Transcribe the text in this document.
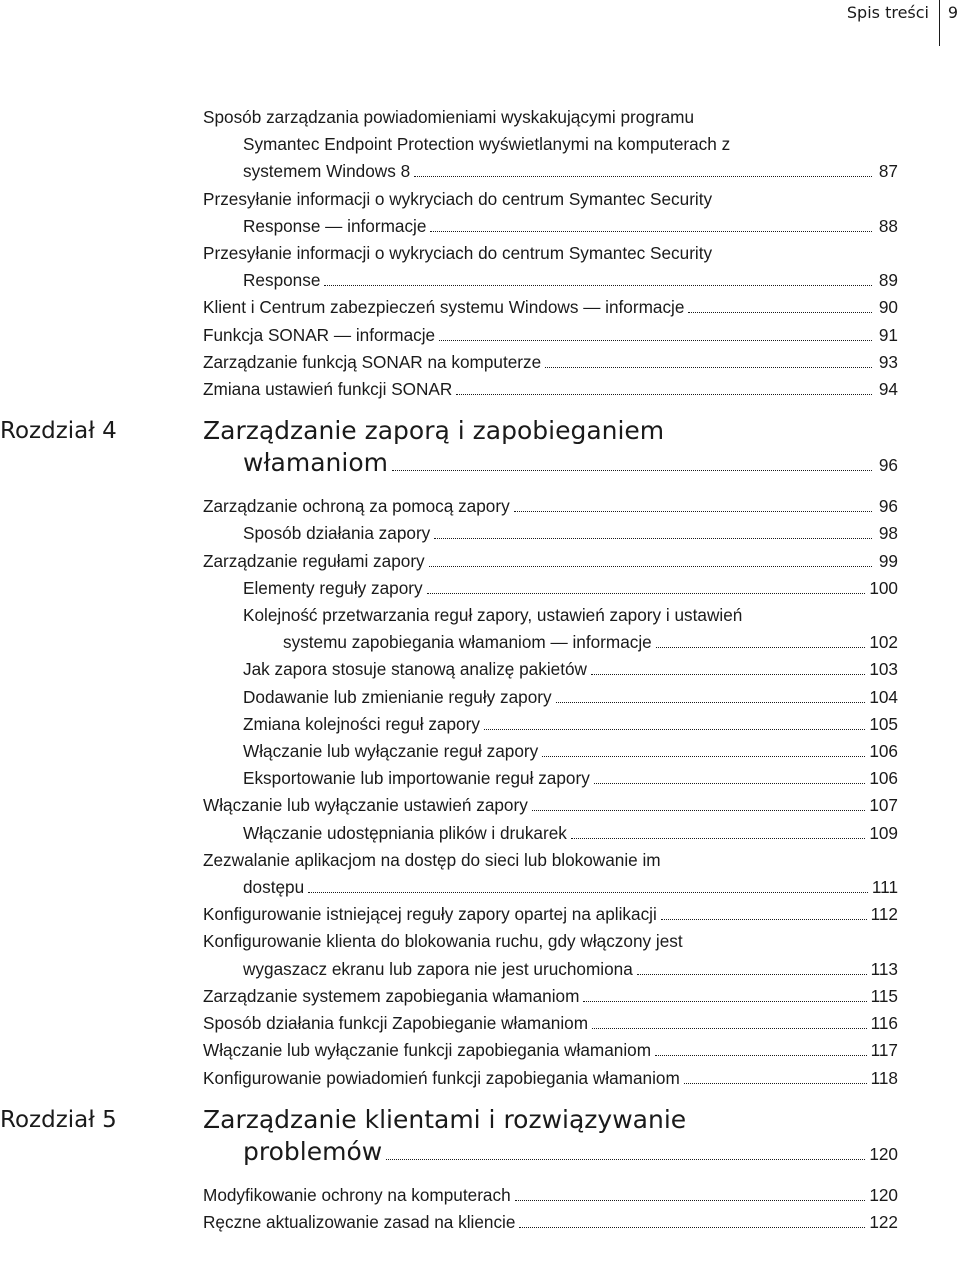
Spis treści 9
Sposób zarządzania powiadomieniami wyskakującymi programu
Symantec Endpoint Protection wyświetlanymi na komputerach z
systemem Windows 8	87
Przesyłanie informacji o wykryciach do centrum Symantec Security
Response — informacje	88
Przesyłanie informacji o wykryciach do centrum Symantec Security
Response	89
Klient i Centrum zabezpieczeń systemu Windows — informacje	90
Funkcja SONAR — informacje	91
Zarządzanie funkcją SONAR na komputerze	93
Zmiana ustawień funkcji SONAR	94
Rozdział 4	Zarządzanie zaporą i zapobieganiem
włamaniom	96
Zarządzanie ochroną za pomocą zapory	96
Sposób działania zapory	98
Zarządzanie regułami zapory	99
Elementy reguły zapory	100
Kolejność przetwarzania reguł zapory, ustawień zapory i ustawień
systemu zapobiegania włamaniom — informacje	102
Jak zapora stosuje stanową analizę pakietów	103
Dodawanie lub zmienianie reguły zapory	104
Zmiana kolejności reguł zapory	105
Włączanie lub wyłączanie reguł zapory	106
Eksportowanie lub importowanie reguł zapory	106
Włączanie lub wyłączanie ustawień zapory	107
Włączanie udostępniania plików i drukarek	109
Zezwalanie aplikacjom na dostęp do sieci lub blokowanie im
dostępu	111
Konfigurowanie istniejącej reguły zapory opartej na aplikacji	112
Konfigurowanie klienta do blokowania ruchu, gdy włączony jest
wygaszacz ekranu lub zapora nie jest uruchomiona	113
Zarządzanie systemem zapobiegania włamaniom	115
Sposób działania funkcji Zapobieganie włamaniom	116
Włączanie lub wyłączanie funkcji zapobiegania włamaniom	117
Konfigurowanie powiadomień funkcji zapobiegania włamaniom	118
Rozdział 5	Zarządzanie klientami i rozwiązywanie
problemów	120
Modyfikowanie ochrony na komputerach	120
Ręczne aktualizowanie zasad na kliencie	122
